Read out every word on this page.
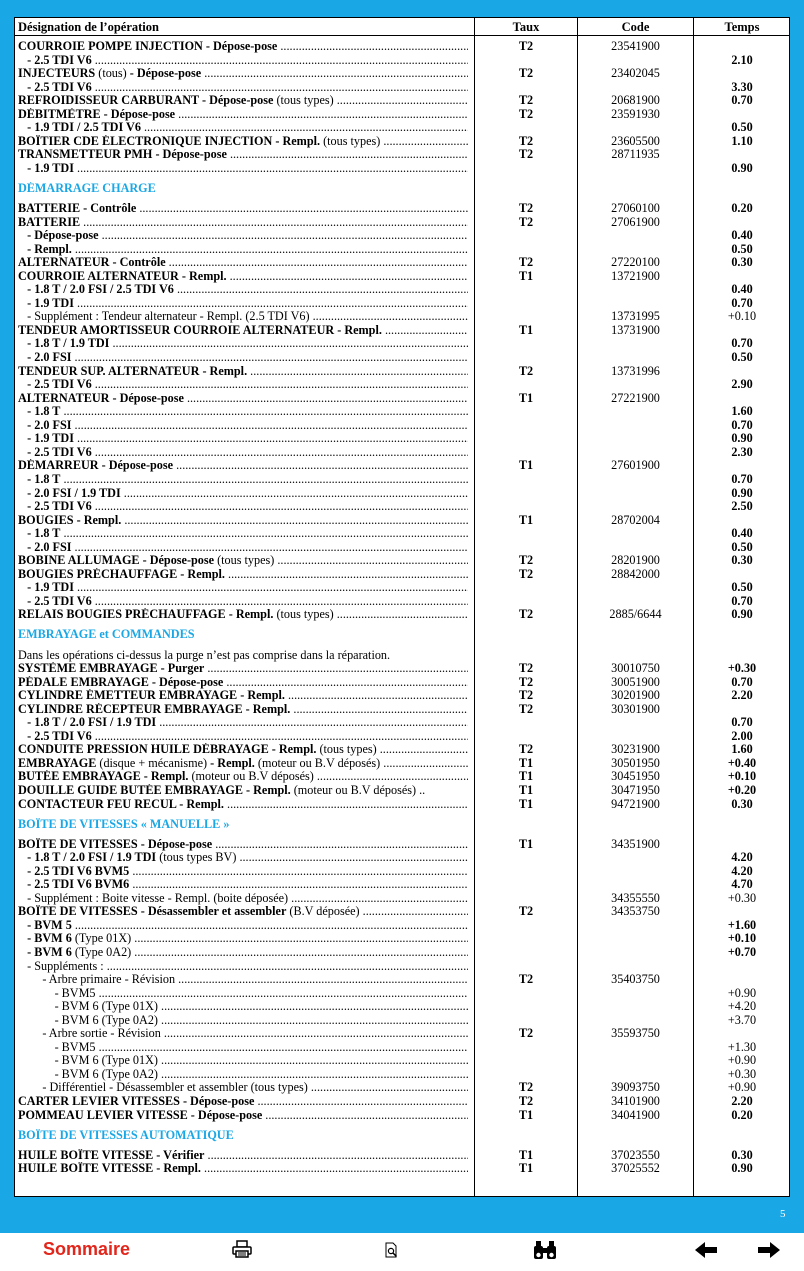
Désignation de l’opération	Taux	Code	Temps
COURROIE POMPE INJECTION - Dépose-pose .....	T2	23541900
- 2.5 TDI V6 .....	2.10
INJECTEURS (tous) - Dépose-pose .....	T2	23402045
- 2.5 TDI V6 .....	3.30
REFROIDISSEUR CARBURANT - Dépose-pose (tous types) .....	T2	20681900	0.70
DÉBITMÈTRE - Dépose-pose .....	T2	23591930
- 1.9 TDI / 2.5 TDI V6 .....	0.50
BOÎTIER CDE ÉLECTRONIQUE INJECTION - Rempl. (tous types) .....	T2	23605500	1.10
TRANSMETTEUR PMH - Dépose-pose .....	T2	28711935
- 1.9 TDI .....	0.90
DÉMARRAGE CHARGE
BATTERIE - Contrôle .....	T2	27060100	0.20
BATTERIE .....	T2	27061900
- Dépose-pose .....	0.40
- Rempl. .....	0.50
ALTERNATEUR - Contrôle .....	T2	27220100	0.30
COURROIE ALTERNATEUR - Rempl. .....	T1	13721900
- 1.8 T / 2.0 FSI / 2.5 TDI V6 .....	0.40
- 1.9 TDI .....	0.70
- Supplément : Tendeur alternateur - Rempl. (2.5 TDI V6) .....	13731995	+0.10
TENDEUR AMORTISSEUR COURROIE ALTERNATEUR - Rempl. .....	T1	13731900
- 1.8 T / 1.9 TDI .....	0.70
- 2.0 FSI .....	0.50
TENDEUR SUP. ALTERNATEUR - Rempl. .....	T2	13731996
- 2.5 TDI V6 .....	2.90
ALTERNATEUR - Dépose-pose .....	T1	27221900
- 1.8 T .....	1.60
- 2.0 FSI .....	0.70
- 1.9 TDI .....	0.90
- 2.5 TDI V6 .....	2.30
DÉMARREUR - Dépose-pose .....	T1	27601900
- 1.8 T .....	0.70
- 2.0 FSI / 1.9 TDI .....	0.90
- 2.5 TDI V6 .....	2.50
BOUGIES - Rempl. .....	T1	28702004
- 1.8 T .....	0.40
- 2.0 FSI .....	0.50
BOBINE ALLUMAGE - Dépose-pose (tous types) .....	T2	28201900	0.30
BOUGIES PRÉCHAUFFAGE - Rempl. .....	T2	28842000
- 1.9 TDI .....	0.50
- 2.5 TDI V6 .....	0.70
RELAIS BOUGIES PRÉCHAUFFAGE - Rempl. (tous types) .....	T2	2885/6644	0.90
EMBRAYAGE et COMMANDES
Dans les opérations ci-dessus la purge n’est pas comprise dans la réparation.
SYSTÈME EMBRAYAGE - Purger .....	T2	30010750	+0.30
PÉDALE EMBRAYAGE - Dépose-pose .....	T2	30051900	0.70
CYLINDRE ÉMETTEUR EMBRAYAGE - Rempl. .....	T2	30201900	2.20
CYLINDRE RÉCEPTEUR EMBRAYAGE - Rempl. .....	T2	30301900
- 1.8 T / 2.0 FSI / 1.9 TDI .....	0.70
- 2.5 TDI V6 .....	2.00
CONDUITE PRESSION HUILE DÉBRAYAGE - Rempl. (tous types) .....	T2	30231900	1.60
EMBRAYAGE (disque + mécanisme) - Rempl. (moteur ou B.V déposés) .....	T1	30501950	+0.40
BUTÉE EMBRAYAGE - Rempl. (moteur ou B.V déposés) .....	T1	30451950	+0.10
DOUILLE GUIDE BUTÉE EMBRAYAGE - Rempl. (moteur ou B.V déposés) ..	T1	30471950	+0.20
CONTACTEUR FEU RECUL - Rempl. .....	T1	94721900	0.30
BOÎTE DE VITESSES « MANUELLE »
BOÎTE DE VITESSES - Dépose-pose .....	T1	34351900
- 1.8 T / 2.0 FSI / 1.9 TDI (tous types BV) .....	4.20
- 2.5 TDI V6 BVM5 .....	4.20
- 2.5 TDI V6 BVM6 .....	4.70
- Supplément : Boite vitesse - Rempl. (boite déposée) .....	34355550	+0.30
BOÎTE DE VITESSES - Désassembler et assembler (B.V déposée) .....	T2	34353750
- BVM 5 .....	+1.60
- BVM 6 (Type 01X) .....	+0.10
- BVM 6 (Type 0A2) .....	+0.70
- Suppléments : .....
- Arbre primaire - Révision .....	T2	35403750
- BVM5 .....	+0.90
- BVM 6 (Type 01X) .....	+4.20
- BVM 6 (Type 0A2) .....	+3.70
- Arbre sortie - Révision .....	T2	35593750
- BVM5 .....	+1.30
- BVM 6 (Type 01X) .....	+0.90
- BVM 6 (Type 0A2) .....	+0.30
- Différentiel - Désassembler et assembler (tous types) .....	T2	39093750	+0.90
CARTER LEVIER VITESSES - Dépose-pose .....	T2	34101900	2.20
POMMEAU LEVIER VITESSE - Dépose-pose .....	T1	34041900	0.20
BOÎTE DE VITESSES AUTOMATIQUE
HUILE BOÎTE VITESSE - Vérifier .....	T1	37023550	0.30
HUILE BOÎTE VITESSE - Rempl. .....	T1	37025552	0.90
5
Sommaire
